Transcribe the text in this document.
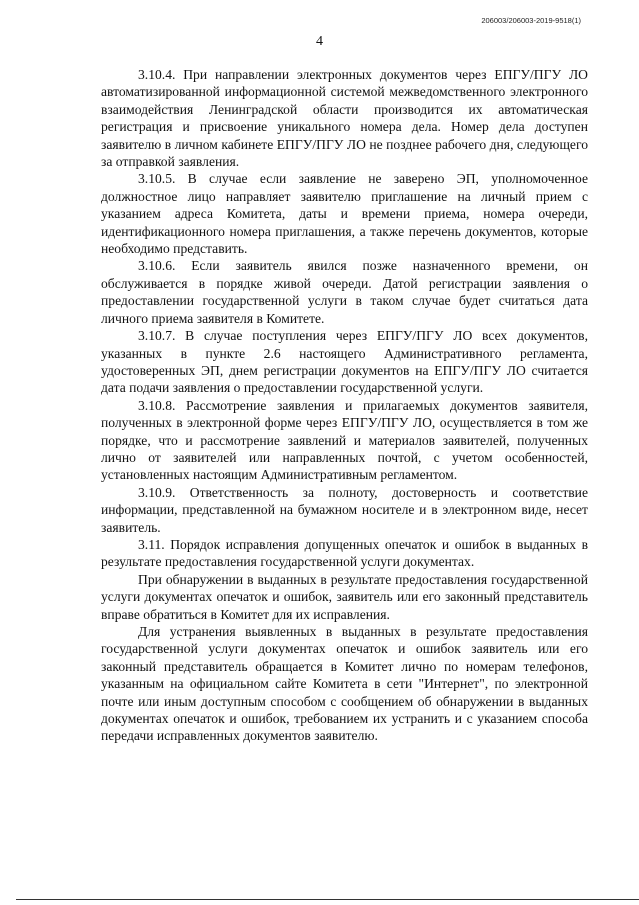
206003/206003-2019-9518(1)
4

3.10.4. При направлении электронных документов через ЕПГУ/ПГУ ЛО автоматизированной информационной системой межведомственного электронного взаимодействия Ленинградской области производится их автоматическая регистрация и присвоение уникального номера дела. Номер дела доступен заявителю в личном кабинете ЕПГУ/ПГУ ЛО не позднее рабочего дня, следующего за отправкой заявления.

3.10.5. В случае если заявление не заверено ЭП, уполномоченное должностное лицо направляет заявителю приглашение на личный прием с указанием адреса Комитета, даты и времени приема, номера очереди, идентификационного номера приглашения, а также перечень документов, которые необходимо представить.

3.10.6. Если заявитель явился позже назначенного времени, он обслуживается в порядке живой очереди. Датой регистрации заявления о предоставлении государственной услуги в таком случае будет считаться дата личного приема заявителя в Комитете.

3.10.7. В случае поступления через ЕПГУ/ПГУ ЛО всех документов, указанных в пункте 2.6 настоящего Административного регламента, удостоверенных ЭП, днем регистрации документов на ЕПГУ/ПГУ ЛО считается дата подачи заявления о предоставлении государственной услуги.

3.10.8. Рассмотрение заявления и прилагаемых документов заявителя, полученных в электронной форме через ЕПГУ/ПГУ ЛО, осуществляется в том же порядке, что и рассмотрение заявлений и материалов заявителей, полученных лично от заявителей или направленных почтой, с учетом особенностей, установленных настоящим Административным регламентом.

3.10.9. Ответственность за полноту, достоверность и соответствие информации, представленной на бумажном носителе и в электронном виде, несет заявитель.

3.11. Порядок исправления допущенных опечаток и ошибок в выданных в результате предоставления государственной услуги документах.

При обнаружении в выданных в результате предоставления государственной услуги документах опечаток и ошибок, заявитель или его законный представитель вправе обратиться в Комитет для их исправления.

Для устранения выявленных в выданных в результате предоставления государственной услуги документах опечаток и ошибок заявитель или его законный представитель обращается в Комитет лично по номерам телефонов, указанным на официальном сайте Комитета в сети "Интернет", по электронной почте или иным доступным способом с сообщением об обнаружении в выданных документах опечаток и ошибок, требованием их устранить и с указанием способа передачи исправленных документов заявителю.
